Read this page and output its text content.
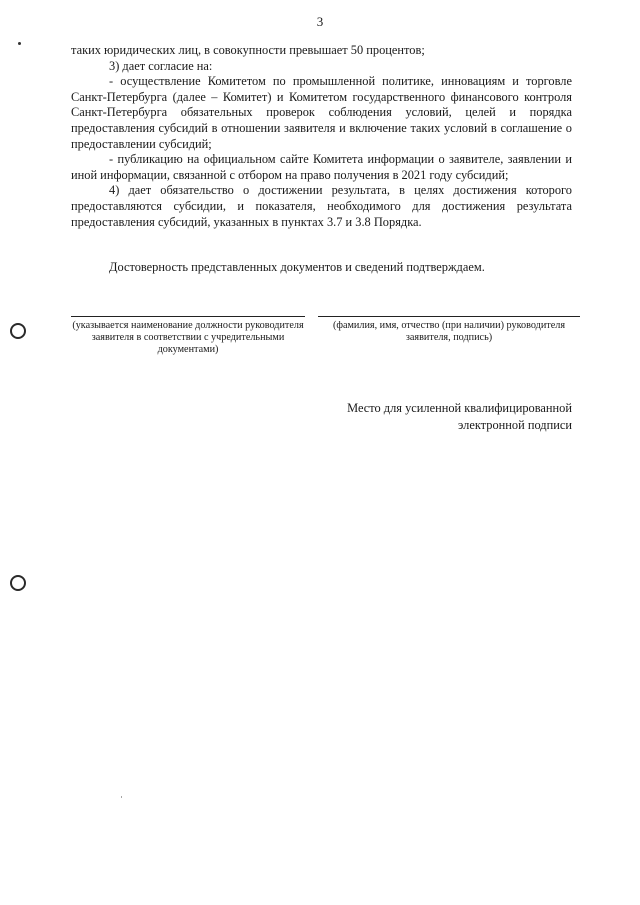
3

таких юридических лиц, в совокупности превышает 50 процентов;

3) дает согласие на:

- осуществление Комитетом по промышленной политике, инновациям и торговле Санкт-Петербурга (далее – Комитет) и Комитетом государственного финансового контроля Санкт-Петербурга обязательных проверок соблюдения условий, целей и порядка предоставления субсидий в отношении заявителя и включение таких условий в соглашение о предоставлении субсидий;

- публикацию на официальном сайте Комитета информации о заявителе, заявлении и иной информации, связанной с отбором на право получения в 2021 году субсидий;

4) дает обязательство о достижении результата, в целях достижения которого предоставляются субсидии, и показателя, необходимого для достижения результата предоставления субсидий, указанных в пунктах 3.7 и 3.8 Порядка.

Достоверность представленных документов и сведений подтверждаем.
(указывается наименование должности руководителя заявителя в соответствии с учредительными документами)
(фамилия, имя, отчество (при наличии) руководителя заявителя, подпись)
Место для усиленной квалифицированной
электронной подписи
